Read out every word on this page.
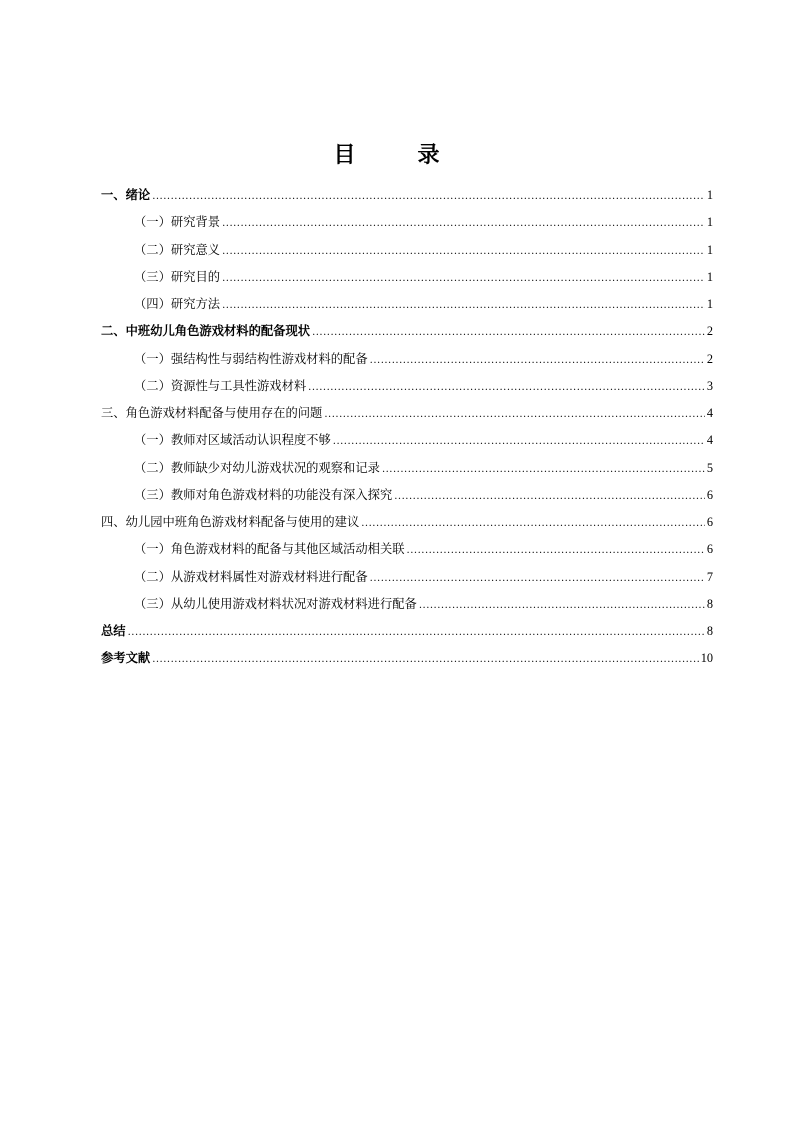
目　录
一、绪论 .....	1
（一）研究背景 .....	1
（二）研究意义 .....	1
（三）研究目的 .....	1
（四）研究方法 .....	1
二、中班幼儿角色游戏材料的配备现状 .....	2
（一）强结构性与弱结构性游戏材料的配备 .....	2
（二）资源性与工具性游戏材料 .....	3
三、角色游戏材料配备与使用存在的问题 .....	4
（一）教师对区域活动认识程度不够 .....	4
（二）教师缺少对幼儿游戏状况的观察和记录 .....	5
（三）教师对角色游戏材料的功能没有深入探究 .....	6
四、幼儿园中班角色游戏材料配备与使用的建议 .....	6
（一）角色游戏材料的配备与其他区域活动相关联 .....	6
（二）从游戏材料属性对游戏材料进行配备 .....	7
（三）从幼儿使用游戏材料状况对游戏材料进行配备 .....	8
总结 .....	8
参考文献 .....	10
